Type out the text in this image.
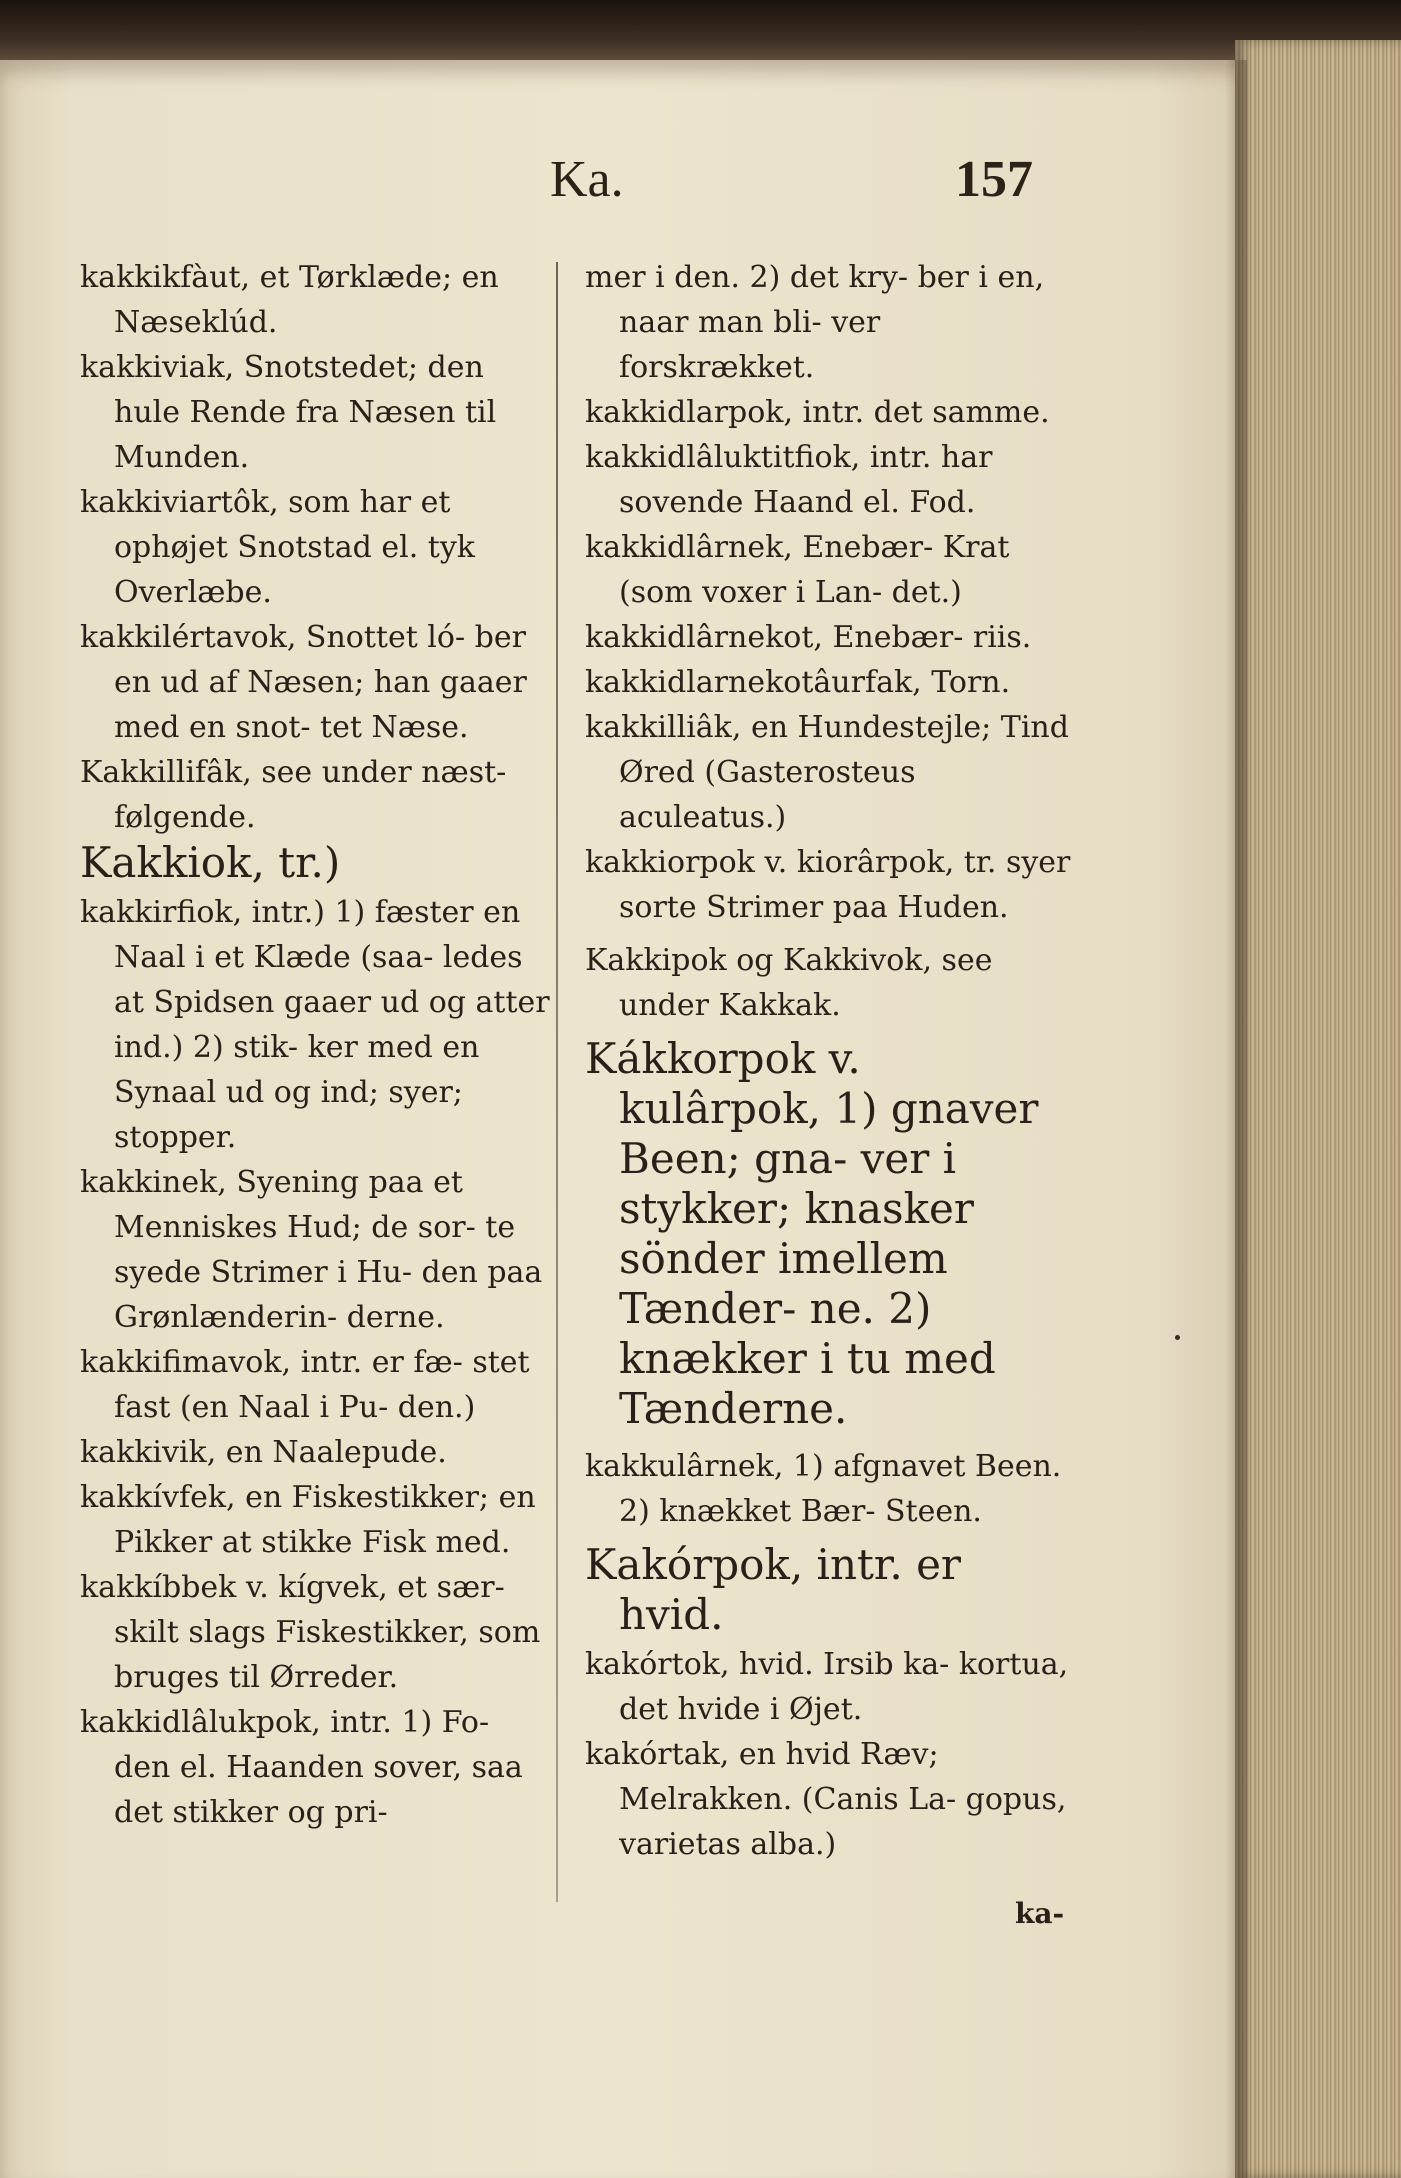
Ka.	157

kakkikfàut, et Tørklæde; en Næseklúd.

kakkiviak, Snotstedet; den hule Rende fra Næsen til Munden.

kakkiviartôk, som har et ophøjet Snotstad el. tyk Overlæbe.

kakkilértavok, Snottet ló- ber en ud af Næsen; han gaaer med en snot- tet Næse.

Kakkillifâk, see under næst- følgende.

Kakkiok, tr.)

kakkirfiok, intr.) 1) fæster en Naal i et Klæde (saa- ledes at Spidsen gaaer ud og atter ind.) 2) stik- ker med en Synaal ud og ind; syer; stopper.

kakkinek, Syening paa et Menniskes Hud; de sor- te syede Strimer i Hu- den paa Grønlænderin- derne.

kakkifimavok, intr. er fæ- stet fast (en Naal i Pu- den.)

kakkivik, en Naalepude.

kakkívfek, en Fiskestikker; en Pikker at stikke Fisk med.

kakkíbbek v. kígvek, et sær- skilt slags Fiskestikker, som bruges til Ørreder.

kakkidlâlukpok, intr. 1) Fo- den el. Haanden sover, saa det stikker og pri-

mer i den. 2) det kry- ber i en, naar man bli- ver forskrækket.

kakkidlarpok, intr. det samme.

kakkidlâluktitfiok, intr. har sovende Haand el. Fod.

kakkidlârnek, Enebær- Krat (som voxer i Lan- det.)

kakkidlârnekot, Enebær- riis.

kakkidlarnekotâurfak, Torn.

kakkilliâk, en Hundestejle; Tind Øred (Gasterosteus aculeatus.)

kakkiorpok v. kiorârpok, tr. syer sorte Strimer paa Huden.

Kakkipok og Kakkivok, see under Kakkak.

Kákkorpok v. kulârpok, 1) gnaver Been; gna- ver i stykker; knasker sönder imellem Tænder- ne. 2) knækker i tu med Tænderne.

kakkulârnek, 1) afgnavet Been. 2) knækket Bær- Steen.

Kakórpok, intr. er hvid.

kakórtok, hvid. Irsib ka- kortua, det hvide i Øjet.

kakórtak, en hvid Ræv; Melrakken. (Canis La- gopus, varietas alba.)

ka-
